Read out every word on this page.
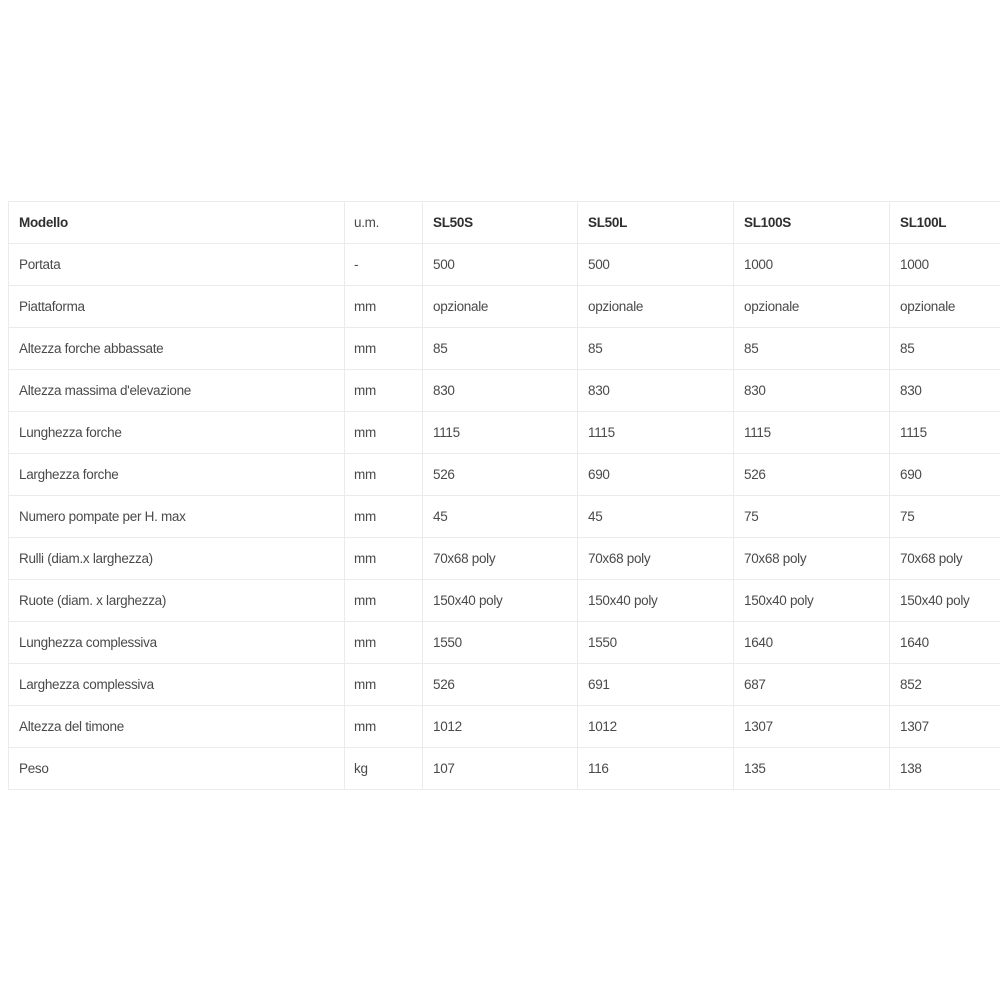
Modello	u.m.	SL50S	SL50L	SL100S	SL100L
Portata	-	500	500	1000	1000
Piattaforma	mm	opzionale	opzionale	opzionale	opzionale
Altezza forche abbassate	mm	85	85	85	85
Altezza massima d'elevazione	mm	830	830	830	830
Lunghezza forche	mm	1115	1115	1115	1115
Larghezza forche	mm	526	690	526	690
Numero pompate per H. max	mm	45	45	75	75
Rulli (diam.x larghezza)	mm	70x68 poly	70x68 poly	70x68 poly	70x68 poly
Ruote (diam. x larghezza)	mm	150x40 poly	150x40 poly	150x40 poly	150x40 poly
Lunghezza complessiva	mm	1550	1550	1640	1640
Larghezza complessiva	mm	526	691	687	852
Altezza del timone	mm	1012	1012	1307	1307
Peso	kg	107	116	135	138
